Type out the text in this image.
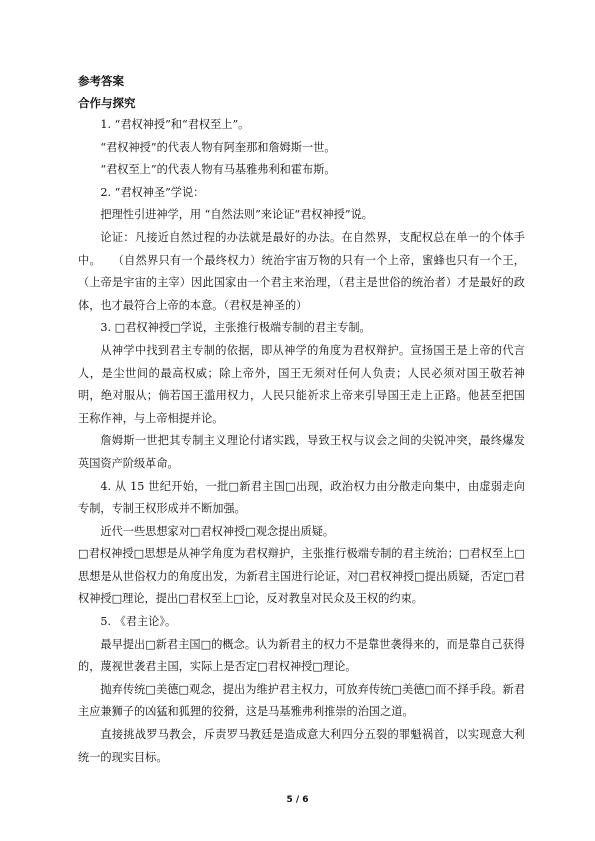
参考答案
合作与探究

1. “君权神授”和“君权至上”。

“君权神授”的代表人物有阿奎那和詹姆斯一世。

“君权至上”的代表人物有马基雅弗利和霍布斯。

2. “君权神圣”学说：

把理性引进神学，用 “自然法则”来论证“君权神授”说。

论证：凡接近自然过程的办法就是最好的办法。在自然界，支配权总在单一的个体手中。　　（自然界只有一个最终权力）统治宇宙万物的只有一个上帝，蜜蜂也只有一个王，（上帝是宇宙的主宰）因此国家由一个君主来治理，（君主是世俗的统治者）才是最好的政体，也才最符合上帝的本意。（君权是神圣的）

3. □君权神授□学说，主张推行极端专制的君主专制。

从神学中找到君主专制的依据，即从神学的角度为君权辩护。宣扬国王是上帝的代言人，是尘世间的最高权威；除上帝外，国王无须对任何人负责；人民必须对国王敬若神明，绝对服从；倘若国王滥用权力，人民只能祈求上帝来引导国王走上正路。他甚至把国王称作神，与上帝相提并论。

詹姆斯一世把其专制主义理论付诸实践，导致王权与议会之间的尖锐冲突，最终爆发英国资产阶级革命。

4. 从 15 世纪开始，一批□新君主国□出现，政治权力由分散走向集中，由虚弱走向专制，专制王权形成并不断加强。

近代一些思想家对□君权神授□观念提出质疑。

□君权神授□思想是从神学角度为君权辩护，主张推行极端专制的君主统治；□君权至上□思想是从世俗权力的角度出发，为新君主国进行论证，对□君权神授□提出质疑，否定□君权神授□理论，提出□君权至上□论，反对教皇对民众及王权的约束。

5. 《君主论》。

最早提出□新君主国□的概念。认为新君主的权力不是靠世袭得来的，而是靠自己获得的，蔑视世袭君主国，实际上是否定□君权神授□理论。

抛弃传统□美德□观念，提出为维护君主权力，可放弃传统□美德□而不择手段。新君主应兼狮子的凶猛和狐狸的狡猾，这是马基雅弗利推崇的治国之道。

直接挑战罗马教会，斥责罗马教廷是造成意大利四分五裂的罪魁祸首，以实现意大利统一的现实目标。

5 / 6
